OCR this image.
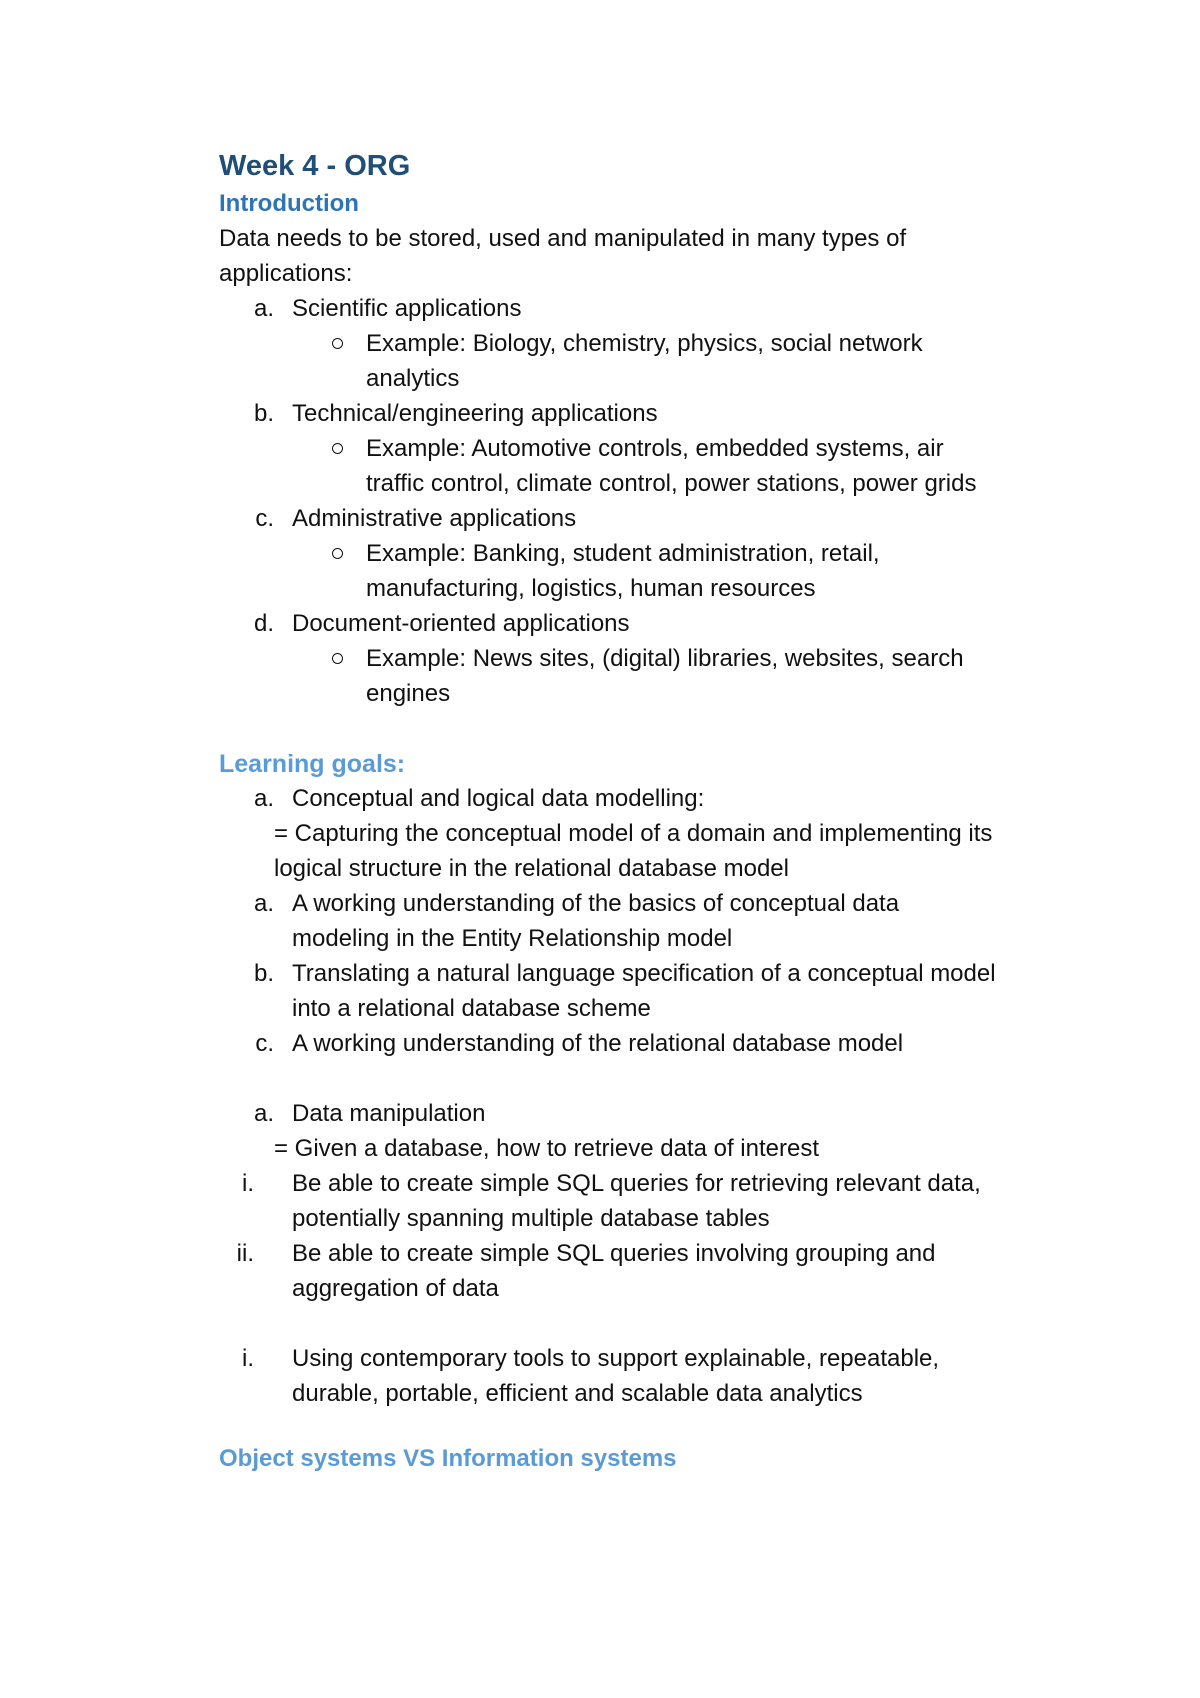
Week 4 - ORG
Introduction

Data needs to be stored, used and manipulated in many types of

applications:

a. Scientific applications

Example: Biology, chemistry, physics, social network

analytics

b. Technical/engineering applications

Example: Automotive controls, embedded systems, air

traffic control, climate control, power stations, power grids

c. Administrative applications

Example: Banking, student administration, retail,

manufacturing, logistics, human resources

d. Document-oriented applications

Example: News sites, (digital) libraries, websites, search

engines

Learning goals:
a. Conceptual and logical data modelling:

= Capturing the conceptual model of a domain and implementing its

logical structure in the relational database model

a. A working understanding of the basics of conceptual data

modeling in the Entity Relationship model

b. Translating a natural language specification of a conceptual model

into a relational database scheme

c. A working understanding of the relational database model

a. Data manipulation

= Given a database, how to retrieve data of interest

i. Be able to create simple SQL queries for retrieving relevant data,

potentially spanning multiple database tables

ii. Be able to create simple SQL queries involving grouping and

aggregation of data

i. Using contemporary tools to support explainable, repeatable,

durable, portable, efficient and scalable data analytics

Object systems VS Information systems
